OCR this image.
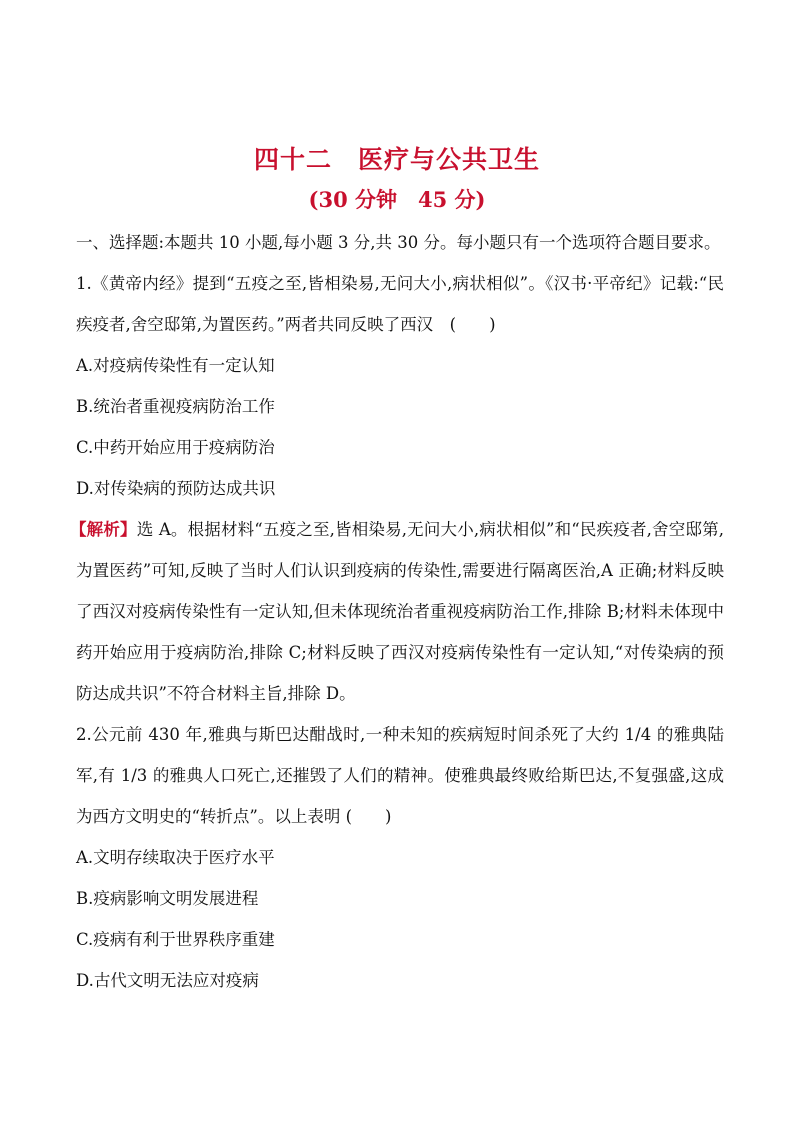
四十二　医疗与公共卫生
(30 分钟　45 分)

一、选择题:本题共 10 小题,每小题 3 分,共 30 分。每小题只有一个选项符合题目要求。

1.《黄帝内经》提到“五疫之至,皆相染易,无问大小,病状相似”。《汉书·平帝纪》记载:“民疾疫者,舍空邸第,为置医药。”两者共同反映了西汉　(　　)

A.对疫病传染性有一定认知

B.统治者重视疫病防治工作

C.中药开始应用于疫病防治

D.对传染病的预防达成共识

【解析】选 A。根据材料“五疫之至,皆相染易,无问大小,病状相似”和“民疾疫者,舍空邸第,为置医药”可知,反映了当时人们认识到疫病的传染性,需要进行隔离医治,A 正确;材料反映了西汉对疫病传染性有一定认知,但未体现统治者重视疫病防治工作,排除 B;材料未体现中药开始应用于疫病防治,排除 C;材料反映了西汉对疫病传染性有一定认知,“对传染病的预防达成共识”不符合材料主旨,排除 D。

2.公元前 430 年,雅典与斯巴达酣战时,一种未知的疾病短时间杀死了大约 1/4 的雅典陆军,有 1/3 的雅典人口死亡,还摧毁了人们的精神。使雅典最终败给斯巴达,不复强盛,这成为西方文明史的“转折点”。以上表明 (　　)

A.文明存续取决于医疗水平

B.疫病影响文明发展进程

C.疫病有利于世界秩序重建

D.古代文明无法应对疫病
